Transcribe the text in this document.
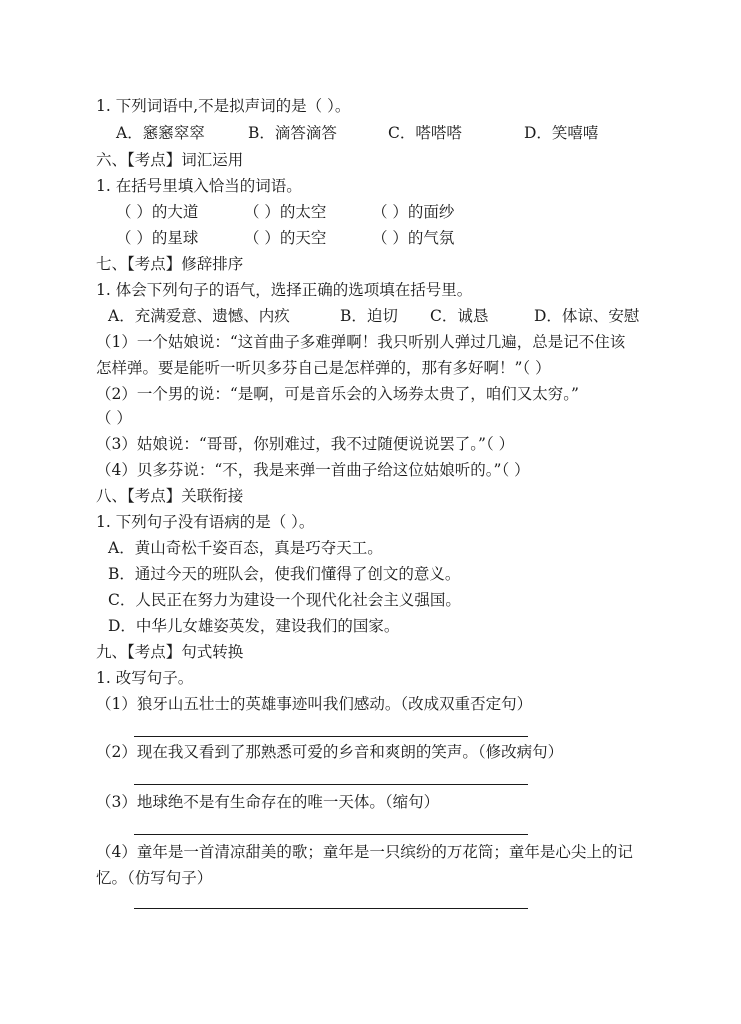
1. 下列词语中,不是拟声词的是（ ）。
A．窸窸窣窣	B．滴答滴答	C．嗒嗒嗒	D．笑嘻嘻
六、【考点】词汇运用
1. 在括号里填入恰当的词语。
（ ）的大道	（ ）的太空	（ ）的面纱
（ ）的星球	（ ）的天空	（ ）的气氛
七、【考点】修辞排序
1. 体会下列句子的语气，选择正确的选项填在括号里。
A．充满爱意、遗憾、内疚	B．迫切 C．诚恳	D．体谅、安慰
（1）一个姑娘说：“这首曲子多难弹啊！我只听别人弹过几遍，总是记不住该
怎样弹。要是能听一听贝多芬自己是怎样弹的，那有多好啊！”（ ）
（2）一个男的说：“是啊，可是音乐会的入场券太贵了，咱们又太穷。”
（ ）
（3）姑娘说：“哥哥，你别难过，我不过随便说说罢了。”（ ）
（4）贝多芬说：“不，我是来弹一首曲子给这位姑娘听的。”（ ）
八、【考点】关联衔接
1. 下列句子没有语病的是（ ）。
A．黄山奇松千姿百态，真是巧夺天工。
B．通过今天的班队会，使我们懂得了创文的意义。
C．人民正在努力为建设一个现代化社会主义强国。
D．中华儿女雄姿英发，建设我们的国家。
九、【考点】句式转换
1. 改写句子。
（1）狼牙山五壮士的英雄事迹叫我们感动。（改成双重否定句）
（2）现在我又看到了那熟悉可爱的乡音和爽朗的笑声。（修改病句）
（3）地球绝不是有生命存在的唯一天体。（缩句）
（4）童年是一首清凉甜美的歌；童年是一只缤纷的万花筒；童年是心尖上的记
忆。（仿写句子）
